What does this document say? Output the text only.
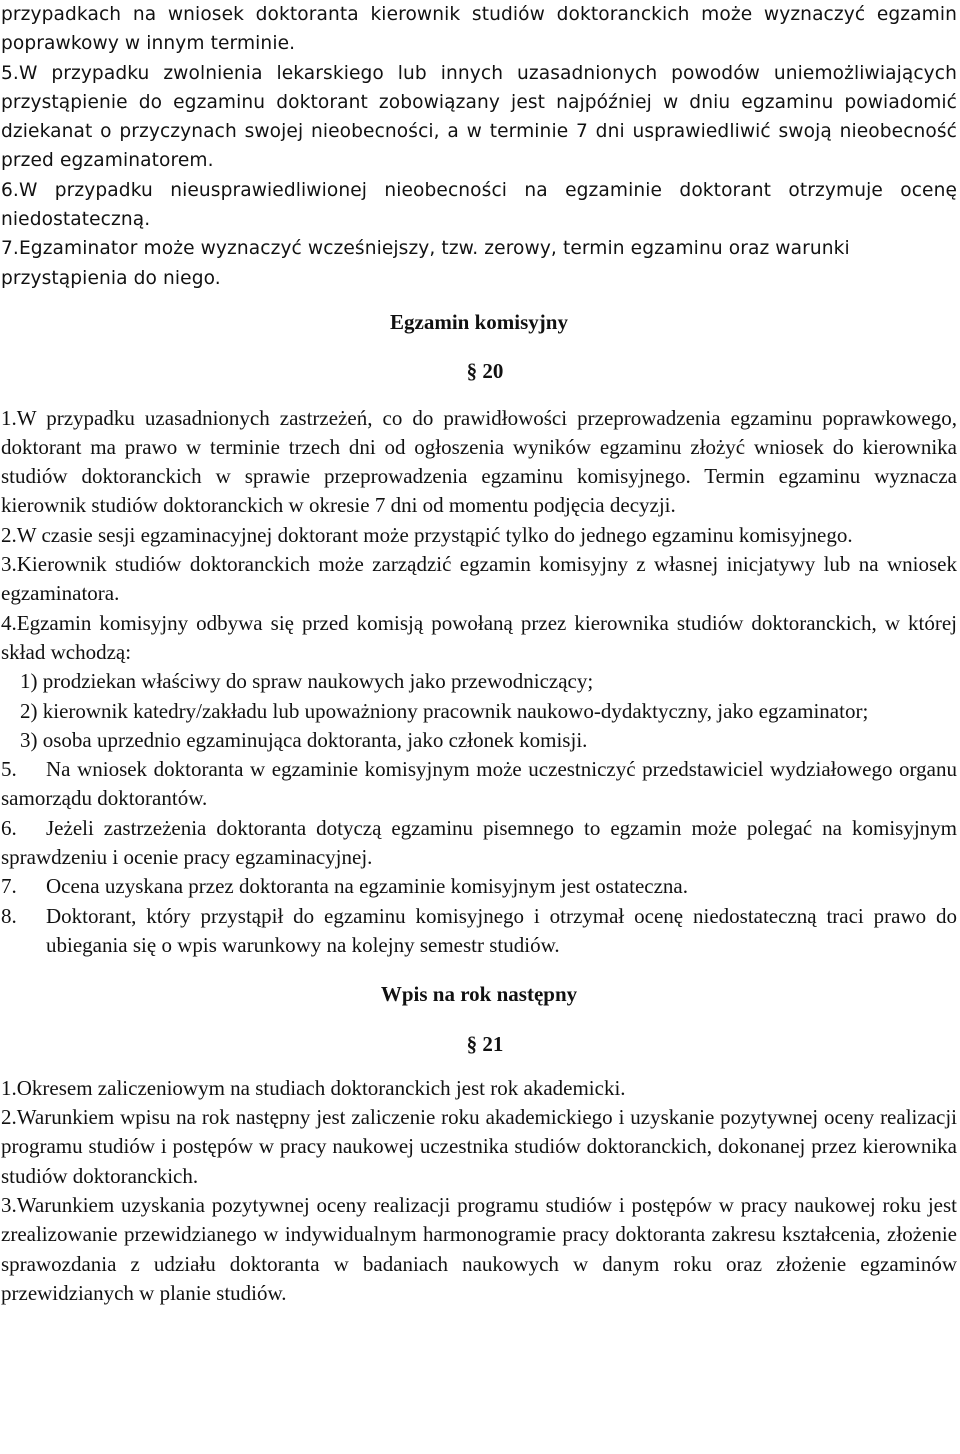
przypadkach na wniosek doktoranta kierownik studiów doktoranckich może wyznaczyć egzamin poprawkowy w innym terminie.

5.W przypadku zwolnienia lekarskiego lub innych uzasadnionych powodów uniemożliwiających przystąpienie do egzaminu doktorant zobowiązany jest najpóźniej w dniu egzaminu powiadomić dziekanat o przyczynach swojej nieobecności, a w terminie 7 dni usprawiedliwić swoją nieobecność przed egzaminatorem.

6.W przypadku nieusprawiedliwionej nieobecności na egzaminie doktorant otrzymuje ocenę niedostateczną.

7.Egzaminator może wyznaczyć wcześniejszy, tzw. zerowy, termin egzaminu oraz warunki przystąpienia do niego.

Egzamin komisyjny

§ 20

1.W przypadku uzasadnionych zastrzeżeń, co do prawidłowości przeprowadzenia egzaminu poprawkowego, doktorant ma prawo w terminie trzech dni od ogłoszenia wyników egzaminu złożyć wniosek do kierownika studiów doktoranckich w sprawie przeprowadzenia egzaminu komisyjnego. Termin egzaminu wyznacza kierownik studiów doktoranckich w okresie 7 dni od momentu podjęcia decyzji.

2.W czasie sesji egzaminacyjnej doktorant może przystąpić tylko do jednego egzaminu komisyjnego.

3.Kierownik studiów doktoranckich może zarządzić egzamin komisyjny z własnej inicjatywy lub na wniosek egzaminatora.

4.Egzamin komisyjny odbywa się przed komisją powołaną przez kierownika studiów doktoranckich, w której skład wchodzą:

1) prodziekan właściwy do spraw naukowych jako przewodniczący;

2) kierownik katedry/zakładu lub upoważniony pracownik naukowo-dydaktyczny, jako egzaminator;

3) osoba uprzednio egzaminująca doktoranta, jako członek komisji.

5. Na wniosek doktoranta w egzaminie komisyjnym może uczestniczyć przedstawiciel wydziałowego organu samorządu doktorantów.

6. Jeżeli zastrzeżenia doktoranta dotyczą egzaminu pisemnego to egzamin może polegać na komisyjnym sprawdzeniu i ocenie pracy egzaminacyjnej.

7. Ocena uzyskana przez doktoranta na egzaminie komisyjnym jest ostateczna.

8. Doktorant, który przystąpił do egzaminu komisyjnego i otrzymał ocenę niedostateczną traci prawo do ubiegania się o wpis warunkowy na kolejny semestr studiów.

Wpis na rok następny

§ 21

1.Okresem zaliczeniowym na studiach doktoranckich jest rok akademicki.

2.Warunkiem wpisu na rok następny jest zaliczenie roku akademickiego i uzyskanie pozytywnej oceny realizacji programu studiów i postępów w pracy naukowej uczestnika studiów doktoranckich, dokonanej przez kierownika studiów doktoranckich.

3.Warunkiem uzyskania pozytywnej oceny realizacji programu studiów i postępów w pracy naukowej roku jest zrealizowanie przewidzianego w indywidualnym harmonogramie pracy doktoranta zakresu kształcenia, złożenie sprawozdania z udziału doktoranta w badaniach naukowych w danym roku oraz złożenie egzaminów przewidzianych w planie studiów.
